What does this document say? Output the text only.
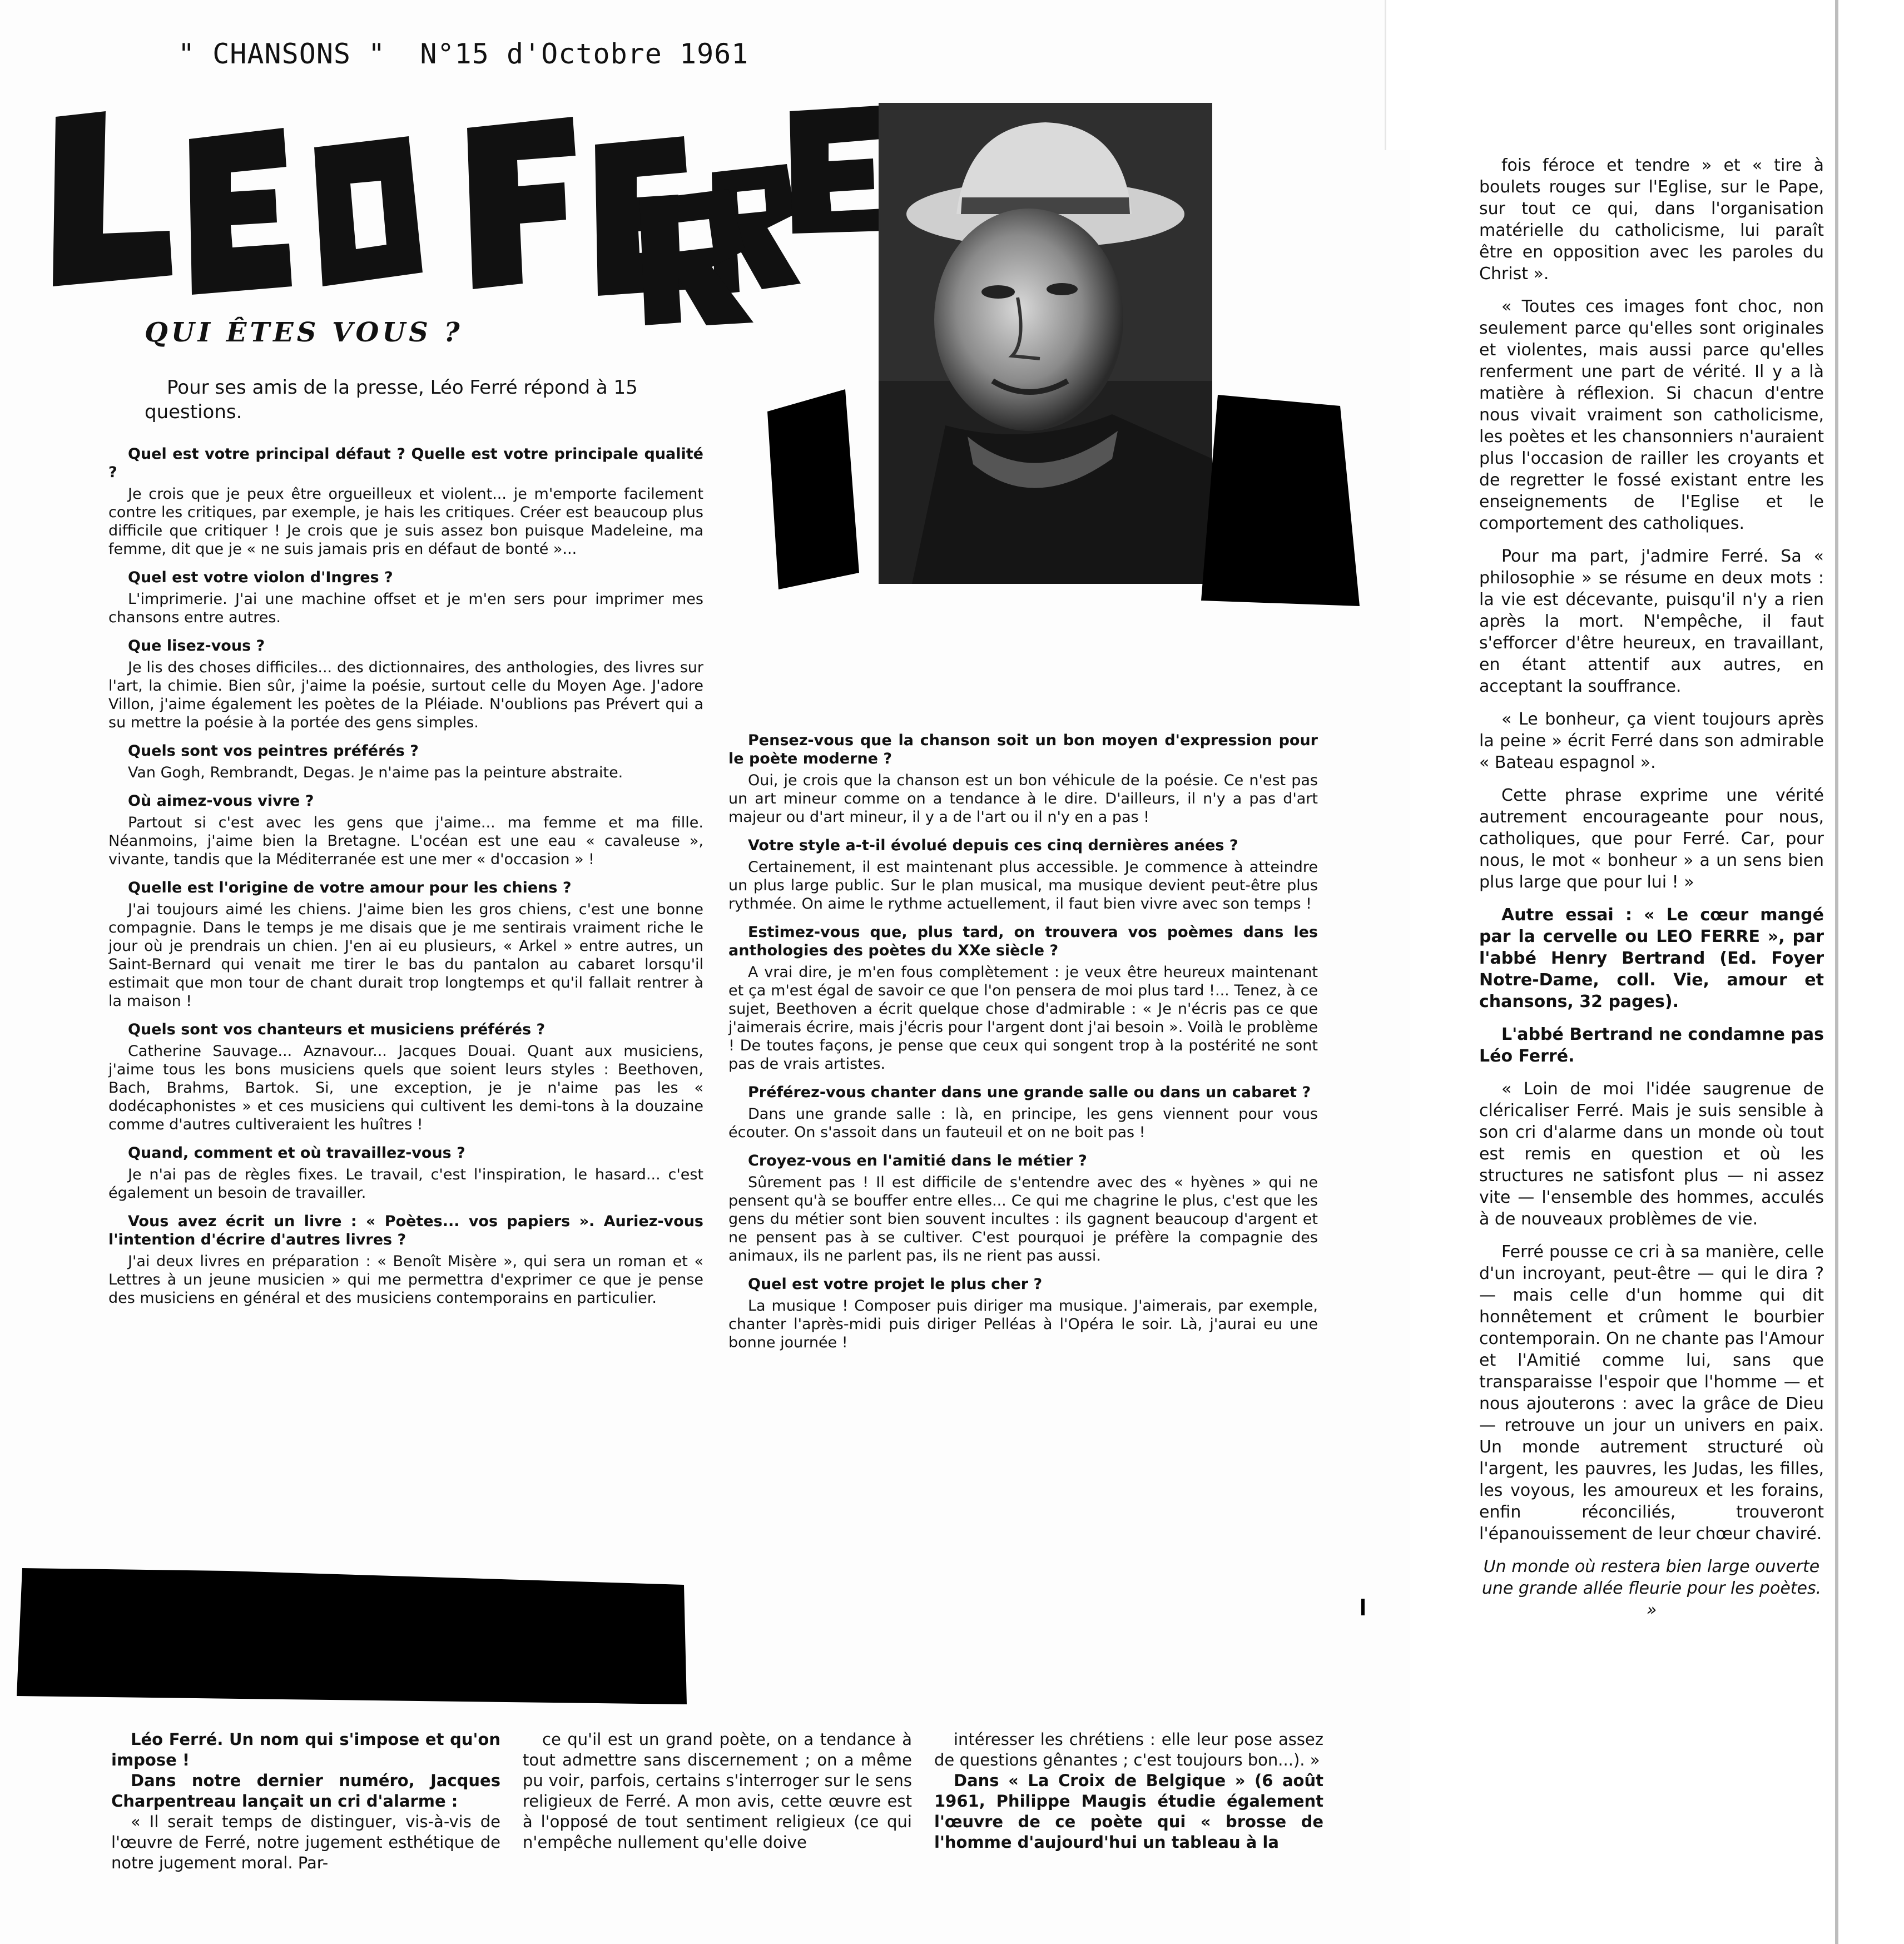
" CHANSONS "  N°15 d'Octobre 1961
QUI ÊTES VOUS ?
Pour ses amis de la presse, Léo Ferré répond à 15 questions.

Quel est votre principal défaut ? Quelle est votre principale qualité ?

Je crois que je peux être orgueilleux et violent... je m'emporte facilement contre les critiques, par exemple, je hais les critiques. Créer est beaucoup plus difficile que critiquer ! Je crois que je suis assez bon puisque Madeleine, ma femme, dit que je « ne suis jamais pris en défaut de bonté »...

Quel est votre violon d'Ingres ?

L'imprimerie. J'ai une machine offset et je m'en sers pour imprimer mes chansons entre autres.

Que lisez-vous ?

Je lis des choses difficiles... des dictionnaires, des anthologies, des livres sur l'art, la chimie. Bien sûr, j'aime la poésie, surtout celle du Moyen Age. J'adore Villon, j'aime également les poètes de la Pléiade. N'oublions pas Prévert qui a su mettre la poésie à la portée des gens simples.

Quels sont vos peintres préférés ?

Van Gogh, Rembrandt, Degas. Je n'aime pas la peinture abstraite.

Où aimez-vous vivre ?

Partout si c'est avec les gens que j'aime... ma femme et ma fille. Néanmoins, j'aime bien la Bretagne. L'océan est une eau « cavaleuse », vivante, tandis que la Méditerranée est une mer « d'occasion » !

Quelle est l'origine de votre amour pour les chiens ?

J'ai toujours aimé les chiens. J'aime bien les gros chiens, c'est une bonne compagnie. Dans le temps je me disais que je me sentirais vraiment riche le jour où je prendrais un chien. J'en ai eu plusieurs, « Arkel » entre autres, un Saint-Bernard qui venait me tirer le bas du pantalon au cabaret lorsqu'il estimait que mon tour de chant durait trop longtemps et qu'il fallait rentrer à la maison !

Quels sont vos chanteurs et musiciens préférés ?

Catherine Sauvage... Aznavour... Jacques Douai. Quant aux musiciens, j'aime tous les bons musiciens quels que soient leurs styles : Beethoven, Bach, Brahms, Bartok. Si, une exception, je je n'aime pas les « dodécaphonistes » et ces musiciens qui cultivent les demi-tons à la douzaine comme d'autres cultiveraient les huîtres !

Quand, comment et où travaillez-vous ?

Je n'ai pas de règles fixes. Le travail, c'est l'inspiration, le hasard... c'est également un besoin de travailler.

Vous avez écrit un livre : « Poètes... vos papiers ». Auriez-vous l'intention d'écrire d'autres livres ?

J'ai deux livres en préparation : « Benoît Misère », qui sera un roman et « Lettres à un jeune musicien » qui me permettra d'exprimer ce que je pense des musiciens en général et des musiciens contemporains en particulier.

Pensez-vous que la chanson soit un bon moyen d'expression pour le poète moderne ?

Oui, je crois que la chanson est un bon véhicule de la poésie. Ce n'est pas un art mineur comme on a tendance à le dire. D'ailleurs, il n'y a pas d'art majeur ou d'art mineur, il y a de l'art ou il n'y en a pas !

Votre style a-t-il évolué depuis ces cinq dernières anées ?

Certainement, il est maintenant plus accessible. Je commence à atteindre un plus large public. Sur le plan musical, ma musique devient peut-être plus rythmée. On aime le rythme actuellement, il faut bien vivre avec son temps !

Estimez-vous que, plus tard, on trouvera vos poèmes dans les anthologies des poètes du XXe siècle ?

A vrai dire, je m'en fous complètement : je veux être heureux maintenant et ça m'est égal de savoir ce que l'on pensera de moi plus tard !... Tenez, à ce sujet, Beethoven a écrit quelque chose d'admirable : « Je n'écris pas ce que j'aimerais écrire, mais j'écris pour l'argent dont j'ai besoin ». Voilà le problème ! De toutes façons, je pense que ceux qui songent trop à la postérité ne sont pas de vrais artistes.

Préférez-vous chanter dans une grande salle ou dans un cabaret ?

Dans une grande salle : là, en principe, les gens viennent pour vous écouter. On s'assoit dans un fauteuil et on ne boit pas !

Croyez-vous en l'amitié dans le métier ?

Sûrement pas ! Il est difficile de s'entendre avec des « hyènes » qui ne pensent qu'à se bouffer entre elles... Ce qui me chagrine le plus, c'est que les gens du métier sont bien souvent incultes : ils gagnent beaucoup d'argent et ne pensent pas à se cultiver. C'est pourquoi je préfère la compagnie des animaux, ils ne parlent pas, ils ne rient pas aussi.

Quel est votre projet le plus cher ?

La musique ! Composer puis diriger ma musique. J'aimerais, par exemple, chanter l'après-midi puis diriger Pelléas à l'Opéra le soir. Là, j'aurai eu une bonne journée !

fois féroce et tendre » et « tire à boulets rouges sur l'Eglise, sur le Pape, sur tout ce qui, dans l'organisation matérielle du catholicisme, lui paraît être en opposition avec les paroles du Christ ».

« Toutes ces images font choc, non seulement parce qu'elles sont originales et violentes, mais aussi parce qu'elles renferment une part de vérité. Il y a là matière à réflexion. Si chacun d'entre nous vivait vraiment son catholicisme, les poètes et les chansonniers n'auraient plus l'occasion de railler les croyants et de regretter le fossé existant entre les enseignements de l'Eglise et le comportement des catholiques.

Pour ma part, j'admire Ferré. Sa « philosophie » se résume en deux mots : la vie est décevante, puisqu'il n'y a rien après la mort. N'empêche, il faut s'efforcer d'être heureux, en travaillant, en étant attentif aux autres, en acceptant la souffrance.

« Le bonheur, ça vient toujours après la peine » écrit Ferré dans son admirable « Bateau espagnol ».

Cette phrase exprime une vérité autrement encourageante pour nous, catholiques, que pour Ferré. Car, pour nous, le mot « bonheur » a un sens bien plus large que pour lui ! »

Autre essai : « Le cœur mangé par la cervelle ou LEO FERRE », par l'abbé Henry Bertrand (Ed. Foyer Notre-Dame, coll. Vie, amour et chansons, 32 pages).

L'abbé Bertrand ne condamne pas Léo Ferré.

« Loin de moi l'idée saugrenue de cléricaliser Ferré. Mais je suis sensible à son cri d'alarme dans un monde où tout est remis en question et où les structures ne satisfont plus — ni assez vite — l'ensemble des hommes, acculés à de nouveaux problèmes de vie.

Ferré pousse ce cri à sa manière, celle d'un incroyant, peut-être — qui le dira ? — mais celle d'un homme qui dit honnêtement et crûment le bourbier contemporain. On ne chante pas l'Amour et l'Amitié comme lui, sans que transparaisse l'espoir que l'homme — et nous ajouterons : avec la grâce de Dieu — retrouve un jour un univers en paix. Un monde autrement structuré où l'argent, les pauvres, les Judas, les filles, les voyous, les amoureux et les forains, enfin réconciliés, trouveront l'épanouissement de leur chœur chaviré.

Un monde où restera bien large ouverte une grande allée fleurie pour les poètes. »

Léo Ferré. Un nom qui s'impose et qu'on impose !

Dans notre dernier numéro, Jacques Charpentreau lançait un cri d'alarme :

« Il serait temps de distinguer, vis-à-vis de l'œuvre de Ferré, notre jugement esthétique de notre jugement moral. Par-

ce qu'il est un grand poète, on a tendance à tout admettre sans discernement ; on a même pu voir, parfois, certains s'interroger sur le sens religieux de Ferré. A mon avis, cette œuvre est à l'opposé de tout sentiment religieux (ce qui n'empêche nullement qu'elle doive

intéresser les chrétiens : elle leur pose assez de questions gênantes ; c'est toujours bon...). »

Dans « La Croix de Belgique » (6 août 1961, Philippe Maugis étudie également l'œuvre de ce poète qui « brosse de l'homme d'aujourd'hui un tableau à la
